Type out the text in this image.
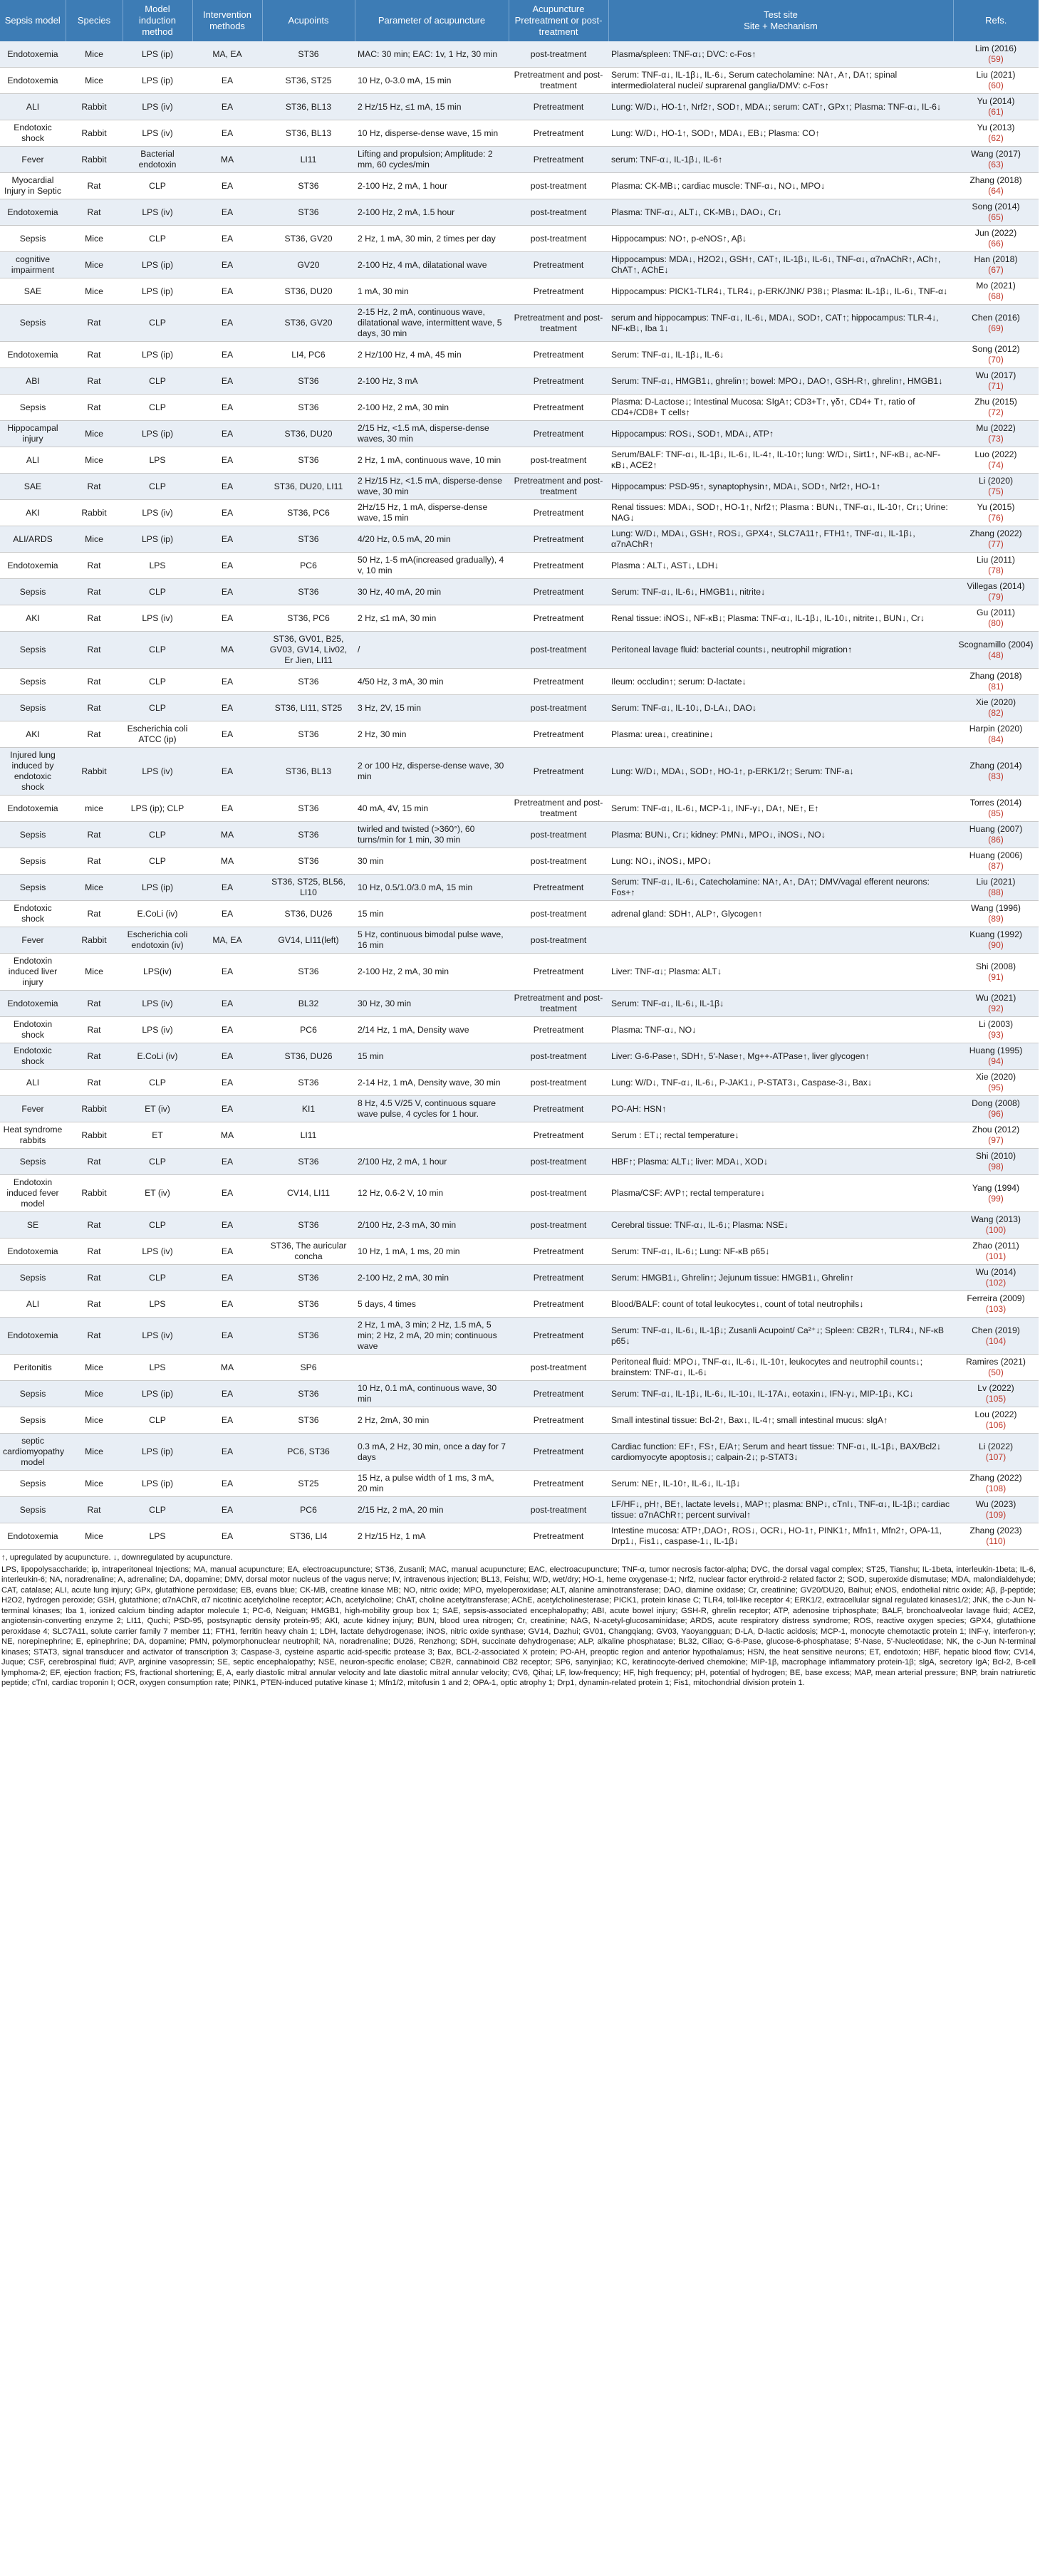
Sepsis model	Species	Model induction method	Intervention methods	Acupoints	Parameter of acupuncture	Acupuncture Pretreatment or post-treatment	Test site
Site + Mechanism	Refs.
Endotoxemia	Mice	LPS (ip)	MA, EA	ST36	MAC: 30 min; EAC: 1v, 1 Hz, 30 min	post-treatment	Plasma/spleen: TNF-α↓; DVC: c-Fos↑	Lim (2016)
(59)

Endotoxemia	Mice	LPS (ip)	EA	ST36, ST25	10 Hz, 0-3.0 mA, 15 min	Pretreatment and post-treatment	Serum: TNF-α↓, IL-1β↓, IL-6↓, Serum catecholamine: NA↑, A↑, DA↑; spinal intermediolateral nuclei/ suprarenal ganglia/DMV: c-Fos↑	Liu (2021)
(60)

ALI	Rabbit	LPS (iv)	EA	ST36, BL13	2 Hz/15 Hz, ≤1 mA, 15 min	Pretreatment	Lung: W/D↓, HO-1↑, Nrf2↑, SOD↑, MDA↓; serum: CAT↑, GPx↑; Plasma: TNF-α↓, IL-6↓	Yu (2014)
(61)

Endotoxic shock	Rabbit	LPS (iv)	EA	ST36, BL13	10 Hz, disperse-dense wave, 15 min	Pretreatment	Lung: W/D↓, HO-1↑, SOD↑, MDA↓, EB↓; Plasma: CO↑	Yu (2013)
(62)

Fever	Rabbit	Bacterial endotoxin	MA	LI11	Lifting and propulsion; Amplitude: 2 mm, 60 cycles/min	Pretreatment	serum: TNF-α↓, IL-1β↓, IL-6↑	Wang (2017)
(63)

Myocardial Injury in Septic	Rat	CLP	EA	ST36	2-100 Hz, 2 mA, 1 hour	post-treatment	Plasma: CK-MB↓; cardiac muscle: TNF-α↓, NO↓, MPO↓	Zhang (2018)
(64)

Endotoxemia	Rat	LPS (iv)	EA	ST36	2-100 Hz, 2 mA, 1.5 hour	post-treatment	Plasma: TNF-α↓, ALT↓, CK-MB↓, DAO↓, Cr↓	Song (2014)
(65)

Sepsis	Mice	CLP	EA	ST36, GV20	2 Hz, 1 mA, 30 min, 2 times per day	post-treatment	Hippocampus: NO↑, p-eNOS↑, Aβ↓	Jun (2022)
(66)

cognitive impairment	Mice	LPS (ip)	EA	GV20	2-100 Hz, 4 mA, dilatational wave	Pretreatment	Hippocampus: MDA↓, H2O2↓, GSH↑, CAT↑, IL-1β↓, IL-6↓, TNF-α↓, α7nAChR↑, ACh↑, ChAT↑, AChE↓	Han (2018)
(67)

SAE	Mice	LPS (ip)	EA	ST36, DU20	1 mA, 30 min	Pretreatment	Hippocampus: PICK1-TLR4↓, TLR4↓, p-ERK/JNK/ P38↓; Plasma: IL-1β↓, IL-6↓, TNF-α↓	Mo (2021)
(68)

Sepsis	Rat	CLP	EA	ST36, GV20	2-15 Hz, 2 mA, continuous wave, dilatational wave, intermittent wave, 5 days, 30 min	Pretreatment and post-treatment	serum and hippocampus: TNF-α↓, IL-6↓, MDA↓, SOD↑, CAT↑; hippocampus: TLR-4↓, NF-κB↓, Iba 1↓	Chen (2016)
(69)

Endotoxemia	Rat	LPS (ip)	EA	LI4, PC6	2 Hz/100 Hz, 4 mA, 45 min	Pretreatment	Serum: TNF-α↓, IL-1β↓, IL-6↓	Song (2012)
(70)

ABI	Rat	CLP	EA	ST36	2-100 Hz, 3 mA	Pretreatment	Serum: TNF-α↓, HMGB1↓, ghrelin↑; bowel: MPO↓, DAO↑, GSH-R↑, ghrelin↑, HMGB1↓	Wu (2017)
(71)

Sepsis	Rat	CLP	EA	ST36	2-100 Hz, 2 mA, 30 min	Pretreatment	Plasma: D-Lactose↓; Intestinal Mucosa: SIgA↑; CD3+T↑, γδ↑, CD4+ T↑, ratio of CD4+/CD8+ T cells↑	Zhu (2015)
(72)

Hippocampal injury	Mice	LPS (ip)	EA	ST36, DU20	2/15 Hz, <1.5 mA, disperse-dense waves, 30 min	Pretreatment	Hippocampus: ROS↓, SOD↑, MDA↓, ATP↑	Mu (2022)
(73)

ALI	Mice	LPS	EA	ST36	2 Hz, 1 mA, continuous wave, 10 min	post-treatment	Serum/BALF: TNF-α↓, IL-1β↓, IL-6↓, IL-4↑, IL-10↑; lung: W/D↓, Sirt1↑, NF-κB↓, ac-NF-κB↓, ACE2↑	Luo (2022)
(74)

SAE	Rat	CLP	EA	ST36, DU20, LI11	2 Hz/15 Hz, <1.5 mA, disperse-dense wave, 30 min	Pretreatment and post-treatment	Hippocampus: PSD-95↑, synaptophysin↑, MDA↓, SOD↑, Nrf2↑, HO-1↑	Li (2020)
(75)

AKI	Rabbit	LPS (iv)	EA	ST36, PC6	2Hz/15 Hz, 1 mA, disperse-dense wave, 15 min	Pretreatment	Renal tissues: MDA↓, SOD↑, HO-1↑, Nrf2↑; Plasma : BUN↓, TNF-α↓, IL-10↑, Cr↓; Urine: NAG↓	Yu (2015)
(76)

ALI/ARDS	Mice	LPS (ip)	EA	ST36	4/20 Hz, 0.5 mA, 20 min	Pretreatment	Lung: W/D↓, MDA↓, GSH↑, ROS↓, GPX4↑, SLC7A11↑, FTH1↑, TNF-α↓, IL-1β↓, α7nAChR↑	Zhang (2022)
(77)

Endotoxemia	Rat	LPS	EA	PC6	50 Hz, 1-5 mA(increased gradually), 4 v, 10 min	Pretreatment	Plasma : ALT↓, AST↓, LDH↓	Liu (2011)
(78)

Sepsis	Rat	CLP	EA	ST36	30 Hz, 40 mA, 20 min	Pretreatment	Serum: TNF-α↓, IL-6↓, HMGB1↓, nitrite↓	Villegas (2014)
(79)

AKI	Rat	LPS (iv)	EA	ST36, PC6	2 Hz, ≤1 mA, 30 min	Pretreatment	Renal tissue: iNOS↓, NF-κB↓; Plasma: TNF-α↓, IL-1β↓, IL-10↓, nitrite↓, BUN↓, Cr↓	Gu (2011)
(80)

Sepsis	Rat	CLP	MA	ST36, GV01, B25, GV03, GV14, Liv02, Er Jien, LI11	/	post-treatment	Peritoneal lavage fluid: bacterial counts↓, neutrophil migration↑	Scognamillo (2004)
(48)

Sepsis	Rat	CLP	EA	ST36	4/50 Hz, 3 mA, 30 min	Pretreatment	Ileum: occludin↑; serum: D-lactate↓	Zhang (2018)
(81)

Sepsis	Rat	CLP	EA	ST36, LI11, ST25	3 Hz, 2V, 15 min	post-treatment	Serum: TNF-α↓, IL-10↓, D-LA↓, DAO↓	Xie (2020)
(82)

AKI	Rat	Escherichia coli ATCC (ip)	EA	ST36	2 Hz, 30 min	Pretreatment	Plasma: urea↓, creatinine↓	Harpin (2020)
(84)

Injured lung induced by endotoxic shock	Rabbit	LPS (iv)	EA	ST36, BL13	2 or 100 Hz, disperse-dense wave, 30 min	Pretreatment	Lung: W/D↓, MDA↓, SOD↑, HO-1↑, p-ERK1/2↑; Serum: TNF-a↓	Zhang (2014)
(83)

Endotoxemia	mice	LPS (ip); CLP	EA	ST36	40 mA, 4V, 15 min	Pretreatment and post-treatment	Serum: TNF-α↓, IL-6↓, MCP-1↓, INF-γ↓, DA↑, NE↑, E↑	Torres (2014)
(85)

Sepsis	Rat	CLP	MA	ST36	twirled and twisted (>360°), 60 turns/min for 1 min, 30 min	post-treatment	Plasma: BUN↓, Cr↓; kidney: PMN↓, MPO↓, iNOS↓, NO↓	Huang (2007)
(86)

Sepsis	Rat	CLP	MA	ST36	30 min	post-treatment	Lung: NO↓, iNOS↓, MPO↓	Huang (2006)
(87)

Sepsis	Mice	LPS (ip)	EA	ST36, ST25, BL56, LI10	10 Hz, 0.5/1.0/3.0 mA, 15 min	Pretreatment	Serum: TNF-α↓, IL-6↓, Catecholamine: NA↑, A↑, DA↑; DMV/vagal efferent neurons: Fos+↑	Liu (2021)
(88)

Endotoxic shock	Rat	E.CoLi (iv)	EA	ST36, DU26	15 min	post-treatment	adrenal gland: SDH↑, ALP↑, Glycogen↑	Wang (1996)
(89)

Fever	Rabbit	Escherichia coli endotoxin (iv)	MA, EA	GV14, LI11(left)	5 Hz, continuous bimodal pulse wave, 16 min	post-treatment		Kuang (1992)
(90)

Endotoxin induced liver injury	Mice	LPS(iv)	EA	ST36	2-100 Hz, 2 mA, 30 min	Pretreatment	Liver: TNF-α↓; Plasma: ALT↓	Shi (2008)
(91)

Endotoxemia	Rat	LPS (iv)	EA	BL32	30 Hz, 30 min	Pretreatment and post-treatment	Serum: TNF-α↓, IL-6↓, IL-1β↓	Wu (2021)
(92)

Endotoxin shock	Rat	LPS (iv)	EA	PC6	2/14 Hz, 1 mA, Density wave	Pretreatment	Plasma: TNF-α↓, NO↓	Li (2003)
(93)

Endotoxic shock	Rat	E.CoLi (iv)	EA	ST36, DU26	15 min	post-treatment	Liver: G-6-Pase↑, SDH↑, 5'-Nase↑, Mg++-ATPase↑, liver glycogen↑	Huang (1995)
(94)

ALI	Rat	CLP	EA	ST36	2-14 Hz, 1 mA, Density wave, 30 min	post-treatment	Lung: W/D↓, TNF-α↓, IL-6↓, P-JAK1↓, P-STAT3↓, Caspase-3↓, Bax↓	Xie (2020)
(95)

Fever	Rabbit	ET (iv)	EA	KI1	8 Hz, 4.5 V/25 V, continuous square wave pulse, 4 cycles for 1 hour.	Pretreatment	PO-AH: HSN↑	Dong (2008)
(96)

Heat syndrome rabbits	Rabbit	ET	MA	LI11		Pretreatment	Serum : ET↓; rectal temperature↓	Zhou (2012)
(97)

Sepsis	Rat	CLP	EA	ST36	2/100 Hz, 2 mA, 1 hour	post-treatment	HBF↑; Plasma: ALT↓; liver: MDA↓, XOD↓	Shi (2010)
(98)

Endotoxin induced fever model	Rabbit	ET (iv)	EA	CV14, LI11	12 Hz, 0.6-2 V, 10 min	post-treatment	Plasma/CSF: AVP↑; rectal temperature↓	Yang (1994)
(99)

SE	Rat	CLP	EA	ST36	2/100 Hz, 2-3 mA, 30 min	post-treatment	Cerebral tissue: TNF-α↓, IL-6↓; Plasma: NSE↓	Wang (2013)
(100)

Endotoxemia	Rat	LPS (iv)	EA	ST36, The auricular concha	10 Hz, 1 mA, 1 ms, 20 min	Pretreatment	Serum: TNF-α↓, IL-6↓; Lung: NF-κB p65↓	Zhao (2011)
(101)

Sepsis	Rat	CLP	EA	ST36	2-100 Hz, 2 mA, 30 min	Pretreatment	Serum: HMGB1↓, Ghrelin↑; Jejunum tissue: HMGB1↓, Ghrelin↑	Wu (2014)
(102)

ALI	Rat	LPS	EA	ST36	5 days, 4 times	Pretreatment	Blood/BALF: count of total leukocytes↓, count of total neutrophils↓	Ferreira (2009)
(103)

Endotoxemia	Rat	LPS (iv)	EA	ST36	2 Hz, 1 mA, 3 min; 2 Hz, 1.5 mA, 5 min; 2 Hz, 2 mA, 20 min; continuous wave	Pretreatment	Serum: TNF-α↓, IL-6↓, IL-1β↓; Zusanli Acupoint/ Ca²⁺↓; Spleen: CB2R↑, TLR4↓, NF-κB p65↓	Chen (2019)
(104)

Peritonitis	Mice	LPS	MA	SP6		post-treatment	Peritoneal fluid: MPO↓, TNF-α↓, IL-6↓, IL-10↑, leukocytes and neutrophil counts↓; brainstem: TNF-α↓, IL-6↓	Ramires (2021)
(50)

Sepsis	Mice	LPS (ip)	EA	ST36	10 Hz, 0.1 mA, continuous wave, 30 min	Pretreatment	Serum: TNF-α↓, IL-1β↓, IL-6↓, IL-10↓, IL-17A↓, eotaxin↓, IFN-γ↓, MIP-1β↓, KC↓	Lv (2022)
(105)

Sepsis	Mice	CLP	EA	ST36	2 Hz, 2mA, 30 min	Pretreatment	Small intestinal tissue: Bcl-2↑, Bax↓, IL-4↑; small intestinal mucus: slgA↑	Lou (2022)
(106)

septic cardiomyopathy model	Mice	LPS (ip)	EA	PC6, ST36	0.3 mA, 2 Hz, 30 min, once a day for 7 days	Pretreatment	Cardiac function: EF↑, FS↑, E/A↑; Serum and heart tissue: TNF-α↓, IL-1β↓, BAX/Bcl2↓ cardiomyocyte apoptosis↓; calpain-2↓; p-STAT3↓	Li (2022)
(107)

Sepsis	Mice	LPS (ip)	EA	ST25	15 Hz, a pulse width of 1 ms, 3 mA, 20 min	Pretreatment	Serum: NE↑, IL-10↑, IL-6↓, IL-1β↓	Zhang (2022)
(108)

Sepsis	Rat	CLP	EA	PC6	2/15 Hz, 2 mA, 20 min	post-treatment	LF/HF↓, pH↑, BE↑, lactate levels↓, MAP↑; plasma: BNP↓, cTnI↓, TNF-α↓, IL-1β↓; cardiac tissue: α7nAChR↑; percent survival↑	Wu (2023)
(109)

Endotoxemia	Mice	LPS	EA	ST36, LI4	2 Hz/15 Hz, 1 mA	Pretreatment	Intestine mucosa: ATP↑,DAO↑, ROS↓, OCR↓, HO-1↑, PINK1↑, Mfn1↑, Mfn2↑, OPA-11, Drp1↓, Fis1↓, caspase-1↓, IL-1β↓	Zhang (2023)
(110)

↑, upregulated by acupuncture. ↓, downregulated by acupuncture.

LPS, lipopolysaccharide; ip, intraperitoneal Injections; MA, manual acupuncture; EA, electroacupuncture; ST36, Zusanli; MAC, manual acupuncture; EAC, electroacupuncture; TNF-α, tumor necrosis factor-alpha; DVC, the dorsal vagal complex; ST25, Tianshu; IL-1beta, interleukin-1beta; IL-6, interleukin-6; NA, noradrenaline; A, adrenaline; DA, dopamine; DMV, dorsal motor nucleus of the vagus nerve; IV, intravenous injection; BL13, Feishu; W/D, wet/dry; HO-1, heme oxygenase-1; Nrf2, nuclear factor erythroid-2 related factor 2; SOD, superoxide dismutase; MDA, malondialdehyde; CAT, catalase; ALI, acute lung injury; GPx, glutathione peroxidase; EB, evans blue; CK-MB, creatine kinase MB; NO, nitric oxide; MPO, myeloperoxidase; ALT, alanine aminotransferase; DAO, diamine oxidase; Cr, creatinine; GV20/DU20, Baihui; eNOS, endothelial nitric oxide; Aβ, β-peptide; H2O2, hydrogen peroxide; GSH, glutathione; α7nAChR, α7 nicotinic acetylcholine receptor; ACh, acetylcholine; ChAT, choline acetyltransferase; AChE, acetylcholinesterase; PICK1, protein kinase C; TLR4, toll-like receptor 4; ERK1/2, extracellular signal regulated kinases1/2; JNK, the c-Jun N-terminal kinases; Iba 1, ionized calcium binding adaptor molecule 1; PC-6, Neiguan; HMGB1, high-mobility group box 1; SAE, sepsis-associated encephalopathy; ABI, acute bowel injury; GSH-R, ghrelin receptor; ATP, adenosine triphosphate; BALF, bronchoalveolar lavage fluid; ACE2, angiotensin-converting enzyme 2; LI11, Quchi; PSD-95, postsynaptic density protein-95; AKI, acute kidney injury; BUN, blood urea nitrogen; Cr, creatinine; NAG, N-acetyl-glucosaminidase; ARDS, acute respiratory distress syndrome; ROS, reactive oxygen species; GPX4, glutathione peroxidase 4; SLC7A11, solute carrier family 7 member 11; FTH1, ferritin heavy chain 1; LDH, lactate dehydrogenase; iNOS, nitric oxide synthase; GV14, Dazhui; GV01, Changqiang; GV03, Yaoyangguan; D-LA, D-lactic acidosis; MCP-1, monocyte chemotactic protein 1; INF-γ, interferon-γ; NE, norepinephrine; E, epinephrine; DA, dopamine; PMN, polymorphonuclear neutrophil; NA, noradrenaline; DU26, Renzhong; SDH, succinate dehydrogenase; ALP, alkaline phosphatase; BL32, Ciliao; G-6-Pase, glucose-6-phosphatase; 5'-Nase, 5'-Nucleotidase; NK, the c-Jun N-terminal kinases; STAT3, signal transducer and activator of transcription 3; Caspase-3, cysteine aspartic acid-specific protease 3; Bax, BCL-2-associated X protein; PO-AH, preoptic region and anterior hypothalamus; HSN, the heat sensitive neurons; ET, endotoxin; HBF, hepatic blood flow; CV14, Juque; CSF, cerebrospinal fluid; AVP, arginine vasopressin; SE, septic encephalopathy; NSE, neuron-specific enolase; CB2R, cannabinoid CB2 receptor; SP6, sanyinjiao; KC, keratinocyte-derived chemokine; MIP-1β, macrophage inflammatory protein-1β; slgA, secretory IgA; Bcl-2, B-cell lymphoma-2; EF, ejection fraction; FS, fractional shortening; E, A, early diastolic mitral annular velocity and late diastolic mitral annular velocity; CV6, Qihai; LF, low-frequency; HF, high frequency; pH, potential of hydrogen; BE, base excess; MAP, mean arterial pressure; BNP, brain natriuretic peptide; cTnI, cardiac troponin I; OCR, oxygen consumption rate; PINK1, PTEN-induced putative kinase 1; Mfn1/2, mitofusin 1 and 2; OPA-1, optic atrophy 1; Drp1, dynamin-related protein 1; Fis1, mitochondrial division protein 1.
